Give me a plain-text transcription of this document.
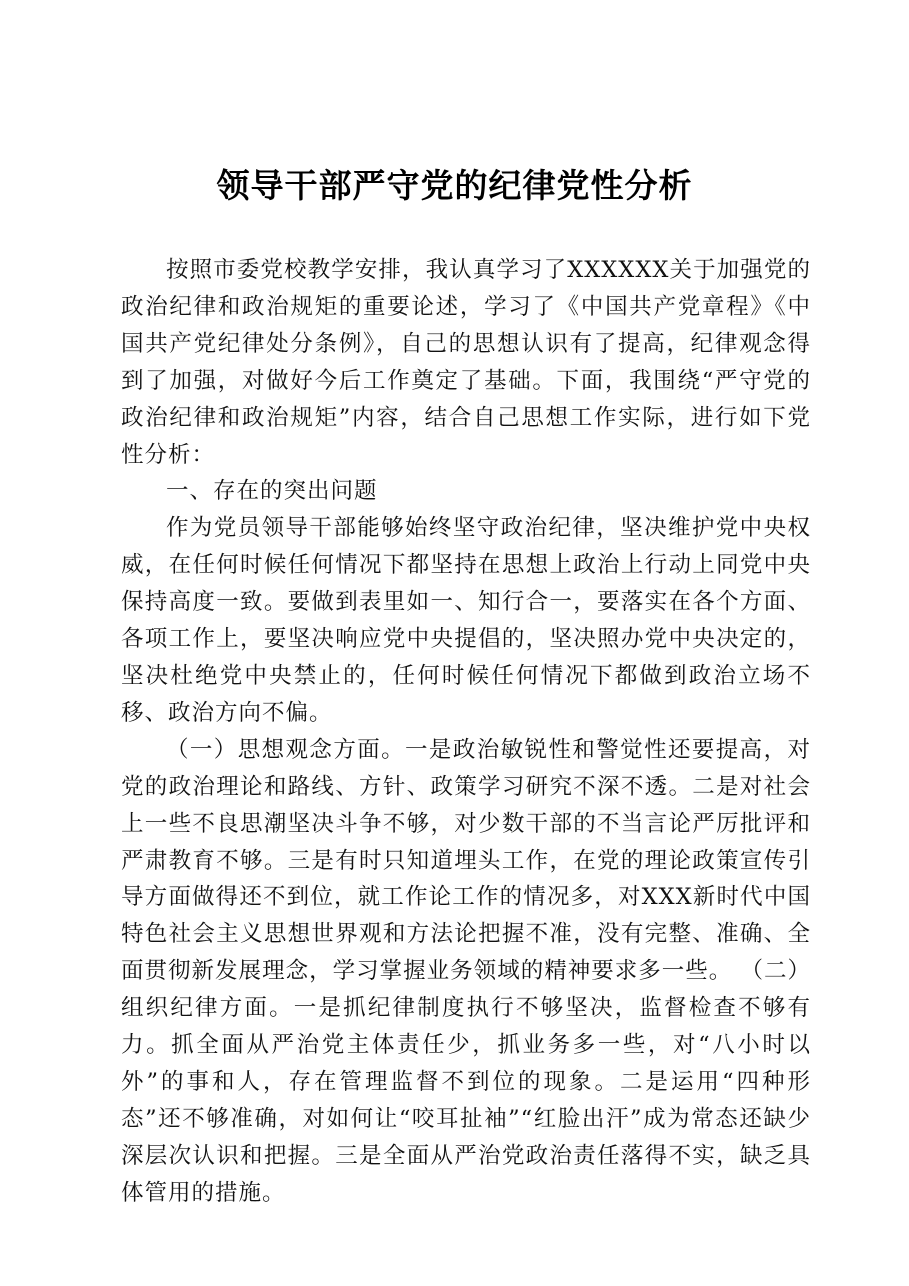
领导干部严守党的纪律党性分析

按照市委党校教学安排，我认真学习了XXXXXX关于加强党的政治纪律和政治规矩的重要论述，学习了《中国共产党章程》《中国共产党纪律处分条例》，自己的思想认识有了提高，纪律观念得到了加强，对做好今后工作奠定了基础。下面，我围绕“严守党的政治纪律和政治规矩”内容，结合自己思想工作实际，进行如下党性分析：

一、存在的突出问题

作为党员领导干部能够始终坚守政治纪律，坚决维护党中央权威，在任何时候任何情况下都坚持在思想上政治上行动上同党中央保持高度一致。要做到表里如一、知行合一，要落实在各个方面、各项工作上，要坚决响应党中央提倡的，坚决照办党中央决定的，坚决杜绝党中央禁止的，任何时候任何情况下都做到政治立场不移、政治方向不偏。

（一）思想观念方面。一是政治敏锐性和警觉性还要提高，对党的政治理论和路线、方针、政策学习研究不深不透。二是对社会上一些不良思潮坚决斗争不够，对少数干部的不当言论严厉批评和严肃教育不够。三是有时只知道埋头工作，在党的理论政策宣传引导方面做得还不到位，就工作论工作的情况多，对XXX新时代中国特色社会主义思想世界观和方法论把握不准，没有完整、准确、全面贯彻新发展理念，学习掌握业务领域的精神要求多一些。 （二）组织纪律方面。一是抓纪律制度执行不够坚决，监督检查不够有力。抓全面从严治党主体责任少，抓业务多一些，对“八小时以外”的事和人，存在管理监督不到位的现象。二是运用“四种形态”还不够准确，对如何让“咬耳扯袖”“红脸出汗”成为常态还缺少深层次认识和把握。三是全面从严治党政治责任落得不实，缺乏具体管用的措施。
